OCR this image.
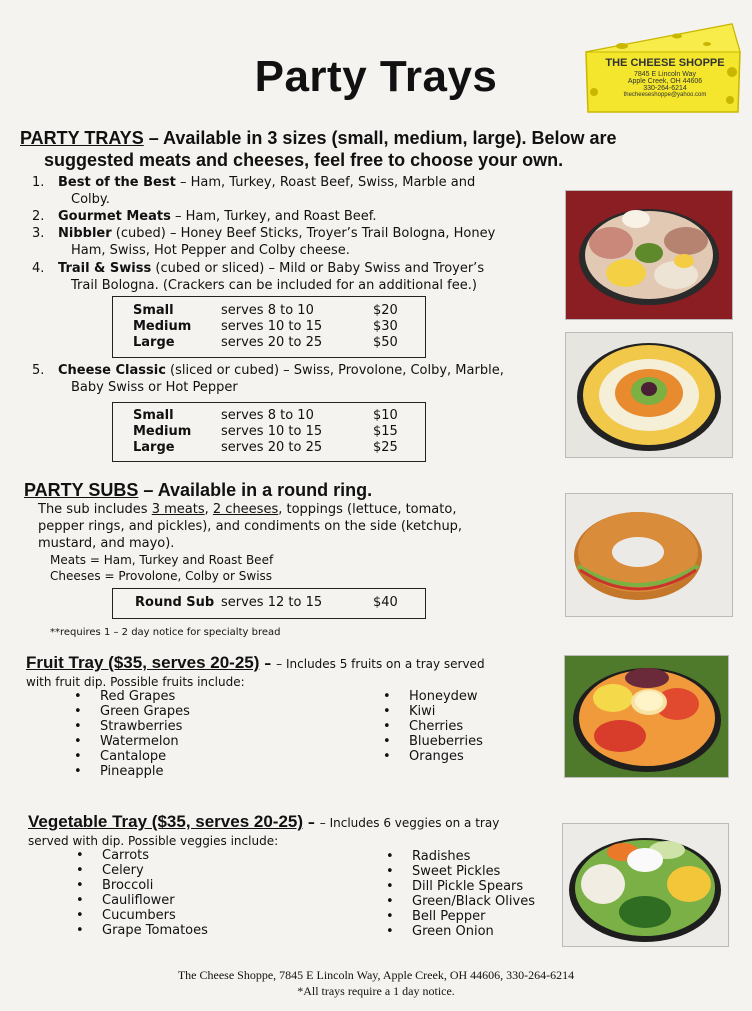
THE CHEESE SHOPPE
7845 E Lincoln Way
Apple Creek, OH 44606
330-264-6214
thecheeseshoppe@yahoo.com
Party Trays
PARTY TRAYS – Available in 3 sizes (small, medium, large). Below are
suggested meats and cheeses, feel free to choose your own.
1. Best of the Best – Ham, Turkey, Roast Beef, Swiss, Marble and
Colby.
2. Gourmet Meats – Ham, Turkey, and Roast Beef.
3. Nibbler (cubed) – Honey Beef Sticks, Troyer’s Trail Bologna, Honey
Ham, Swiss, Hot Pepper and Colby cheese.
4. Trail & Swiss (cubed or sliced) – Mild or Baby Swiss and Troyer’s
Trail Bologna. (Crackers can be included for an additional fee.)
Small	serves 8 to 10	$20
Medium serves 10 to 15	$30
Large	serves 20 to 25	$50
5. Cheese Classic (sliced or cubed) – Swiss, Provolone, Colby, Marble,
Baby Swiss or Hot Pepper
Small	serves 8 to 10	$10
Medium serves 10 to 15	$15
Large	serves 20 to 25	$25
PARTY SUBS – Available in a round ring.
The sub includes 3 meats, 2 cheeses, toppings (lettuce, tomato,
pepper rings, and pickles), and condiments on the side (ketchup,
mustard, and mayo).
Meats = Ham, Turkey and Roast Beef
Cheeses = Provolone, Colby or Swiss
Round Sub serves 12 to 15	$40
**requires 1 – 2 day notice for specialty bread
Fruit Tray ($35, serves 20-25) – – Includes 5 fruits on a tray served
with fruit dip. Possible fruits include:
• Red Grapes
• Green Grapes
• Strawberries
• Watermelon
• Cantalope
• Pineapple
• Honeydew
• Kiwi
• Cherries
• Blueberries
• Oranges
Vegetable Tray ($35, serves 20-25) – – Includes 6 veggies on a tray
served with dip. Possible veggies include:
• Carrots
• Celery
• Broccoli
• Cauliflower
• Cucumbers
• Grape Tomatoes
• Radishes
• Sweet Pickles
• Dill Pickle Spears
• Green/Black Olives
• Bell Pepper
• Green Onion
The Cheese Shoppe, 7845 E Lincoln Way, Apple Creek, OH 44606, 330-264-6214
*All trays require a 1 day notice.
